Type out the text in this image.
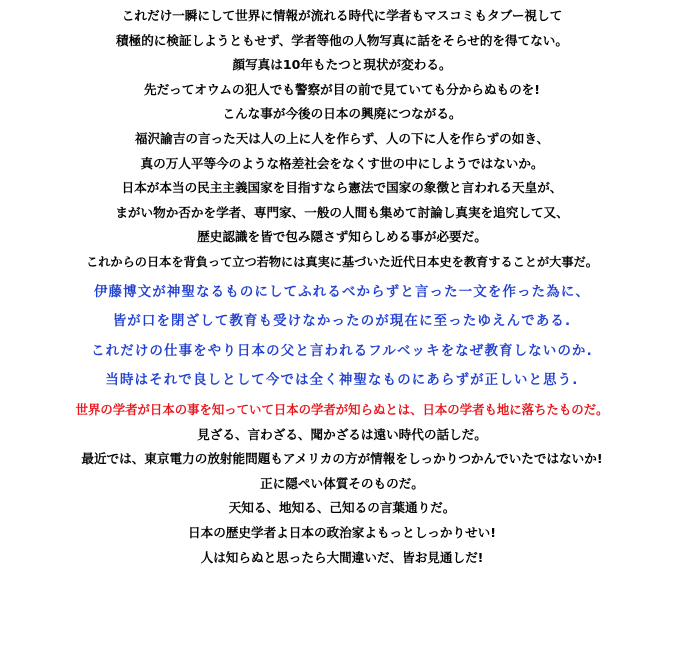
これだけ一瞬にして世界に情報が流れる時代に学者もマスコミもタブー視して
積極的に検証しようともせず、学者等他の人物写真に話をそらせ的を得てない。
顔写真は10年もたつと現状が変わる。
先だってオウムの犯人でも警察が目の前で見ていても分からぬものを!
こんな事が今後の日本の興廃につながる。
福沢諭吉の言った天は人の上に人を作らず、人の下に人を作らずの如き、
真の万人平等今のような格差社会をなくす世の中にしようではないか。
日本が本当の民主主義国家を目指すなら憲法で国家の象徴と言われる天皇が、
まがい物か否かを学者、専門家、一般の人間も集めて討論し真実を追究して又、
歴史認識を皆で包み隠さず知らしめる事が必要だ。
これからの日本を背負って立つ若物には真実に基づいた近代日本史を教育することが大事だ。
伊藤博文が神聖なるものにしてふれるべからずと言った一文を作った為に、
皆が口を閉ざして教育も受けなかったのが現在に至ったゆえんである.
これだけの仕事をやり日本の父と言われるフルベッキをなぜ教育しないのか.
当時はそれで良しとして今では全く神聖なものにあらずが正しいと思う.
世界の学者が日本の事を知っていて日本の学者が知らぬとは、日本の学者も地に落ちたものだ。
見ざる、言わざる、聞かざるは遠い時代の話しだ。
最近では、東京電力の放射能問題もアメリカの方が情報をしっかりつかんでいたではないか!
正に隠ぺい体質そのものだ。
天知る、地知る、己知るの言葉通りだ。
日本の歴史学者よ日本の政治家よもっとしっかりせい!
人は知らぬと思ったら大間違いだ、皆お見通しだ!
